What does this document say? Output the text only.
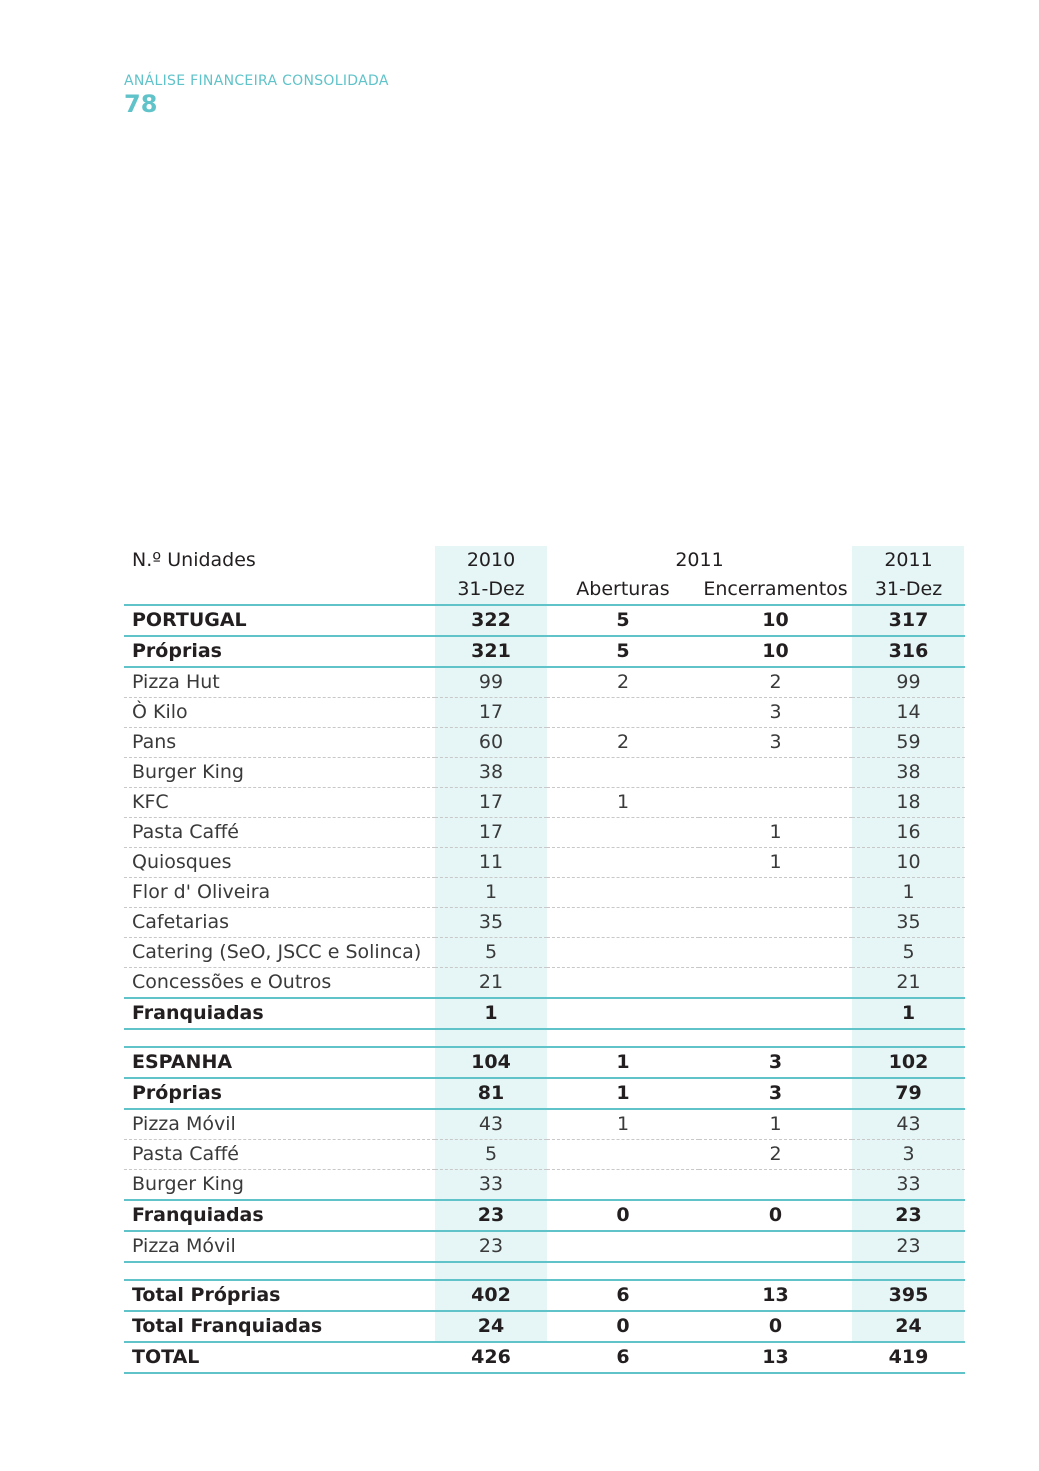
ANÁLISE FINANCEIRA CONSOLIDADA
78
N.º Unidades	2010	2011		2011
	31-Dez	Aberturas	Encerramentos	31-Dez
PORTUGAL	322	5	10	317
Próprias	321	5	10	316
Pizza Hut	99	2	2	99
Ò Kilo	17		3	14
Pans	60	2	3	59
Burger King	38			38
KFC	17	1		18
Pasta Caffé	17		1	16
Quiosques	11		1	10
Flor d' Oliveira	1			1
Cafetarias	35			35
Catering (SeO, JSCC e Solinca)	5			5
Concessões e Outros	21			21
Franquiadas	1			1

ESPANHA	104	1	3	102
Próprias	81	1	3	79
Pizza Móvil	43	1	1	43
Pasta Caffé	5		2	3
Burger King	33			33
Franquiadas	23	0	0	23
Pizza Móvil	23			23

Total Próprias	402	6	13	395
Total Franquiadas	24	0	0	24
TOTAL	426	6	13	419
